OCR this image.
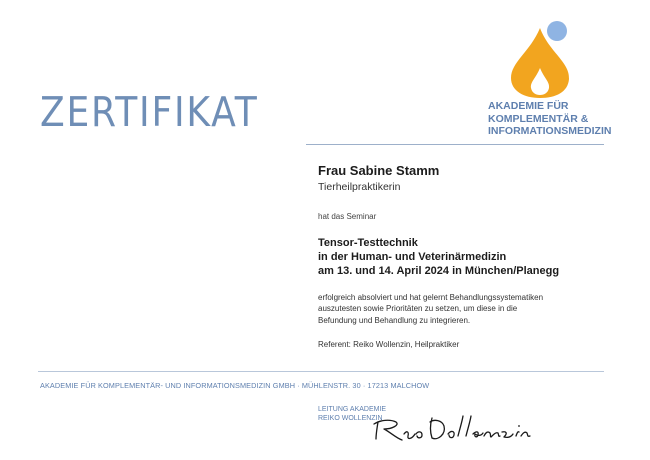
ZERTIFIKAT	AKADEMIE FÜR
KOMPLEMENTÄR &
INFORMATIONSMEDIZIN
Frau Sabine Stamm
Tierheilpraktikerin
hat das Seminar
Tensor-Testtechnik
in der Human- und Veterinärmedizin
am 13. und 14. April 2024 in München/Planegg
erfolgreich absolviert und hat gelernt Behandlungssystematiken
auszutesten sowie Prioritäten zu setzen, um diese in die
Befundung und Behandlung zu integrieren.
Referent: Reiko Wollenzin, Heilpraktiker
AKADEMIE FÜR KOMPLEMENTÄR- UND INFORMATIONSMEDIZIN GMBH · MÜHLENSTR. 30 · 17213 MALCHOW
LEITUNG AKADEMIE
REIKO WOLLENZIN
